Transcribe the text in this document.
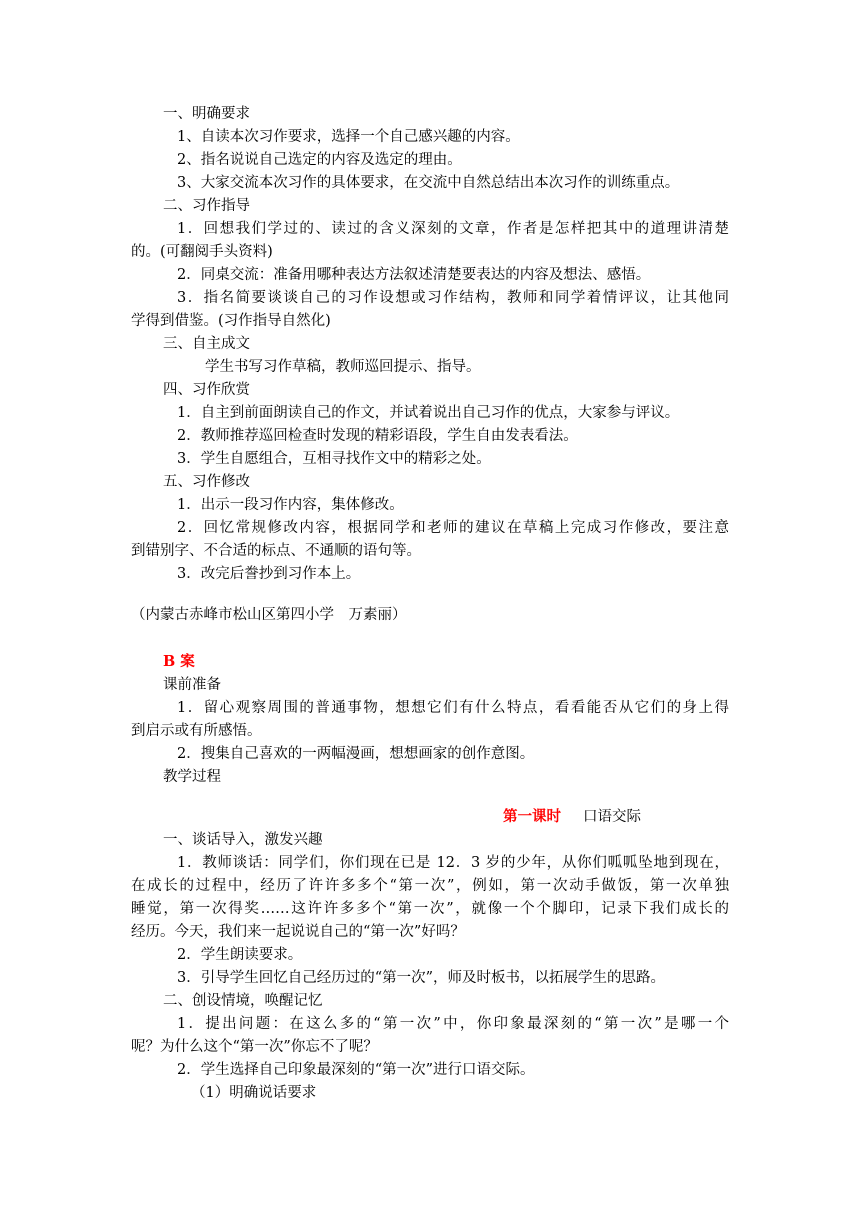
一、明确要求
1、自读本次习作要求，选择一个自己感兴趣的内容。
2、指名说说自己选定的内容及选定的理由。
3、大家交流本次习作的具体要求，在交流中自然总结出本次习作的训练重点。
二、习作指导
1．回想我们学过的、读过的含义深刻的文章，作者是怎样把其中的道理讲清楚
的。(可翻阅手头资料)
2．同桌交流：准备用哪种表达方法叙述清楚要表达的内容及想法、感悟。
3．指名简要谈谈自己的习作设想或习作结构，教师和同学着情评议，让其他同
学得到借鉴。(习作指导自然化)
三、自主成文
学生书写习作草稿，教师巡回提示、指导。
四、习作欣赏
1．自主到前面朗读自己的作文，并试着说出自己习作的优点，大家参与评议。
2．教师推荐巡回检查时发现的精彩语段，学生自由发表看法。
3．学生自愿组合，互相寻找作文中的精彩之处。
五、习作修改
1．出示一段习作内容，集体修改。
2．回忆常规修改内容，根据同学和老师的建议在草稿上完成习作修改，要注意
到错别字、不合适的标点、不通顺的语句等。
3．改完后誊抄到习作本上。
（内蒙古赤峰市松山区第四小学　万素丽）
B 案
课前准备
1．留心观察周围的普通事物，想想它们有什么特点，看看能否从它们的身上得
到启示或有所感悟。
2．搜集自己喜欢的一两幅漫画，想想画家的创作意图。
教学过程
第一课时 口语交际
一、谈话导入，激发兴趣
1．教师谈话：同学们，你们现在已是 12．3 岁的少年，从你们呱呱坠地到现在，
在成长的过程中，经历了许许多多个“第一次”，例如，第一次动手做饭，第一次单独
睡觉，第一次得奖……这许许多多个“第一次”，就像一个个脚印，记录下我们成长的
经历。今天，我们来一起说说自己的“第一次”好吗？
2．学生朗读要求。
3．引导学生回忆自己经历过的“第一次”，师及时板书，以拓展学生的思路。
二、创设情境，唤醒记忆
1．提出问题：在这么多的“第一次”中，你印象最深刻的“第一次”是哪一个
呢？为什么这个“第一次”你忘不了呢？
2．学生选择自己印象最深刻的“第一次”进行口语交际。
（1）明确说话要求
